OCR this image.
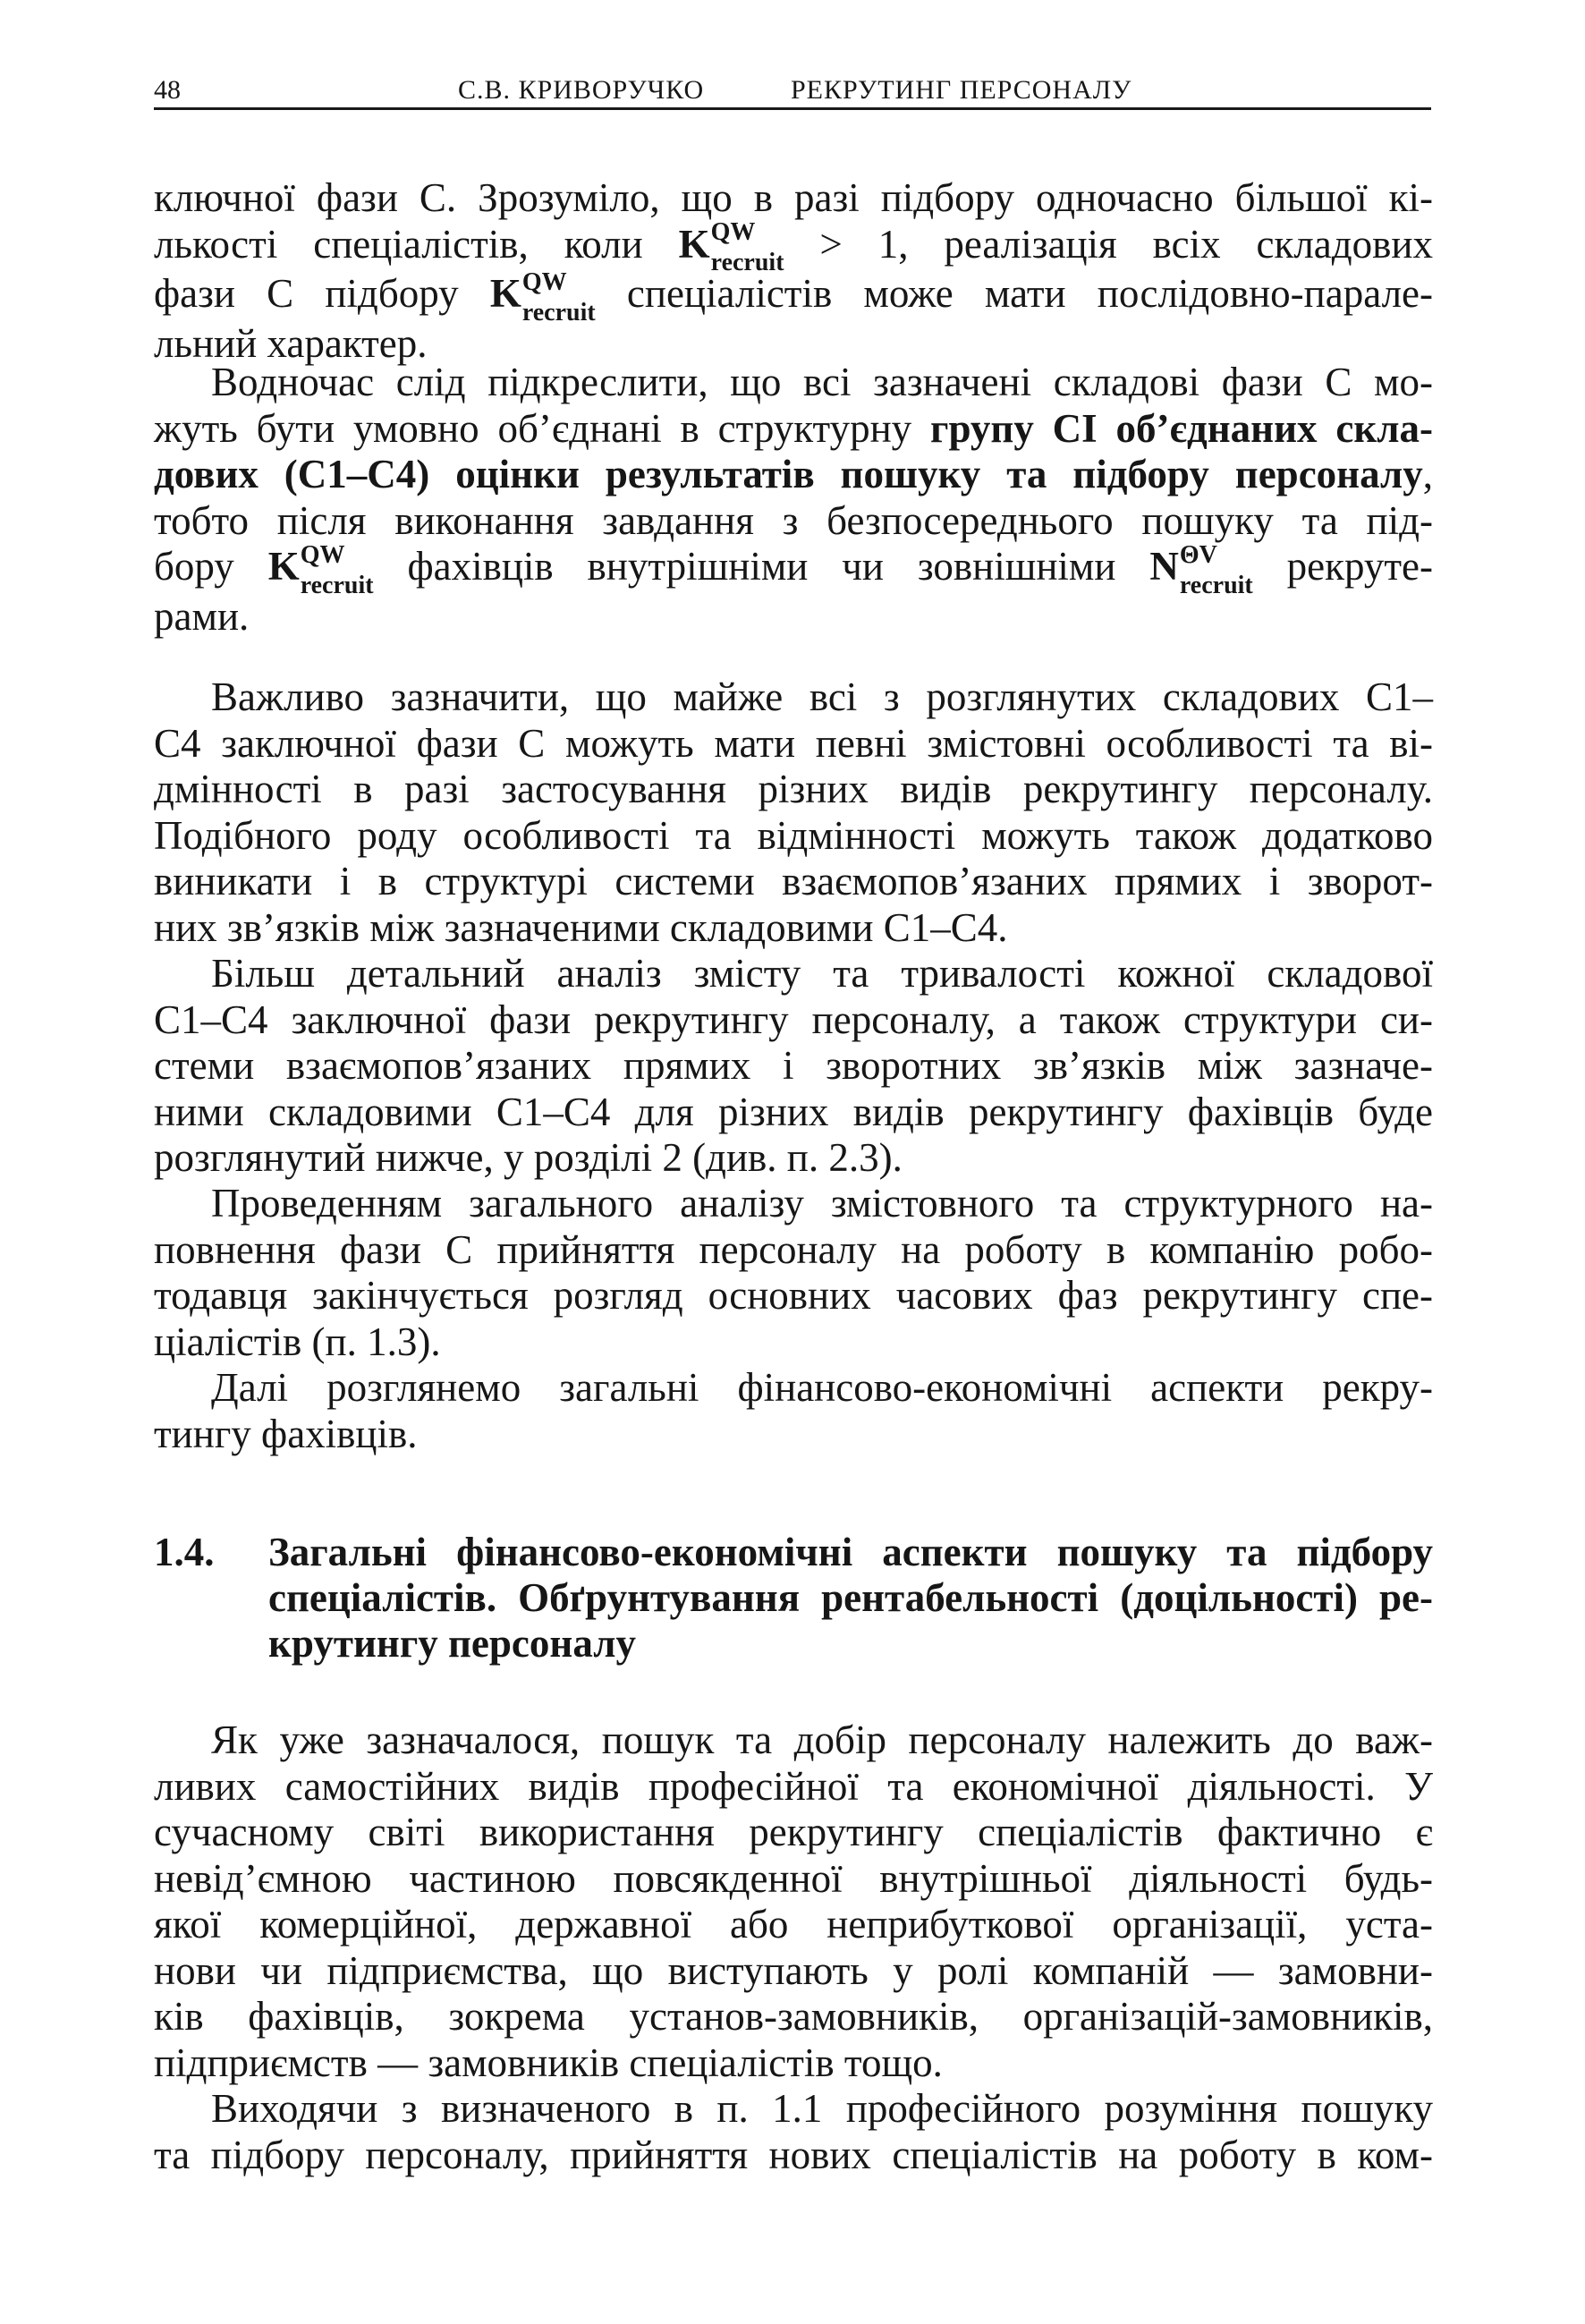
48	С.В. КРИВОРУЧКО	РЕКРУТИНГ ПЕРСОНАЛУ
ключної фази С. Зрозуміло, що в разі підбору одночасно більшої кі-
лькості спеціалістів, коли K QW
recruit > 1, реалізація всіх складових
фази С підбору K QW
recruit спеціалістів може мати послідовно-парале-
льний характер.
Водночас слід підкреслити, що всі зазначені складові фази С мо-
жуть бути умовно об’єднані в структурну групу СІ об’єднаних скла-
дових (С1–С4) оцінки результатів пошуку та підбору персоналу,
тобто після виконання завдання з безпосереднього пошуку та під-
бору K QW
recruit фахівців внутрішніми чи зовнішніми N ΘV
recruit рекруте-
рами.
Важливо зазначити, що майже всі з розглянутих складових С1–
С4 заключної фази С можуть мати певні змістовні особливості та ві-
дмінності в разі застосування різних видів рекрутингу персоналу.
Подібного роду особливості та відмінності можуть також додатково
виникати і в структурі системи взаємопов’язаних прямих і зворот-
них зв’язків між зазначеними складовими С1–С4.
Більш детальний аналіз змісту та тривалості кожної складової
С1–С4 заключної фази рекрутингу персоналу, а також структури си-
стеми взаємопов’язаних прямих і зворотних зв’язків між зазначе-
ними складовими С1–С4 для різних видів рекрутингу фахівців буде
розглянутий нижче, у розділі 2 (див. п. 2.3).
Проведенням загального аналізу змістовного та структурного на-
повнення фази С прийняття персоналу на роботу в компанію робо-
тодавця закінчується розгляд основних часових фаз рекрутингу спе-
ціалістів (п. 1.3).
Далі розглянемо загальні фінансово-економічні аспекти рекру-
тингу фахівців.
1.4. Загальні фінансово-економічні аспекти пошуку та підбору
спеціалістів. Обґрунтування рентабельності (доцільності) ре-
крутингу персоналу
Як уже зазначалося, пошук та добір персоналу належить до важ-
ливих самостійних видів професійної та економічної діяльності. У
сучасному світі використання рекрутингу спеціалістів фактично є
невід’ємною частиною повсякденної внутрішньої діяльності будь-
якої комерційної, державної або неприбуткової організації, уста-
нови чи підприємства, що виступають у ролі компаній — замовни-
ків фахівців, зокрема установ-замовників, організацій-замовників,
підприємств — замовників спеціалістів тощо.
Виходячи з визначеного в п. 1.1 професійного розуміння пошуку
та підбору персоналу, прийняття нових спеціалістів на роботу в ком-
